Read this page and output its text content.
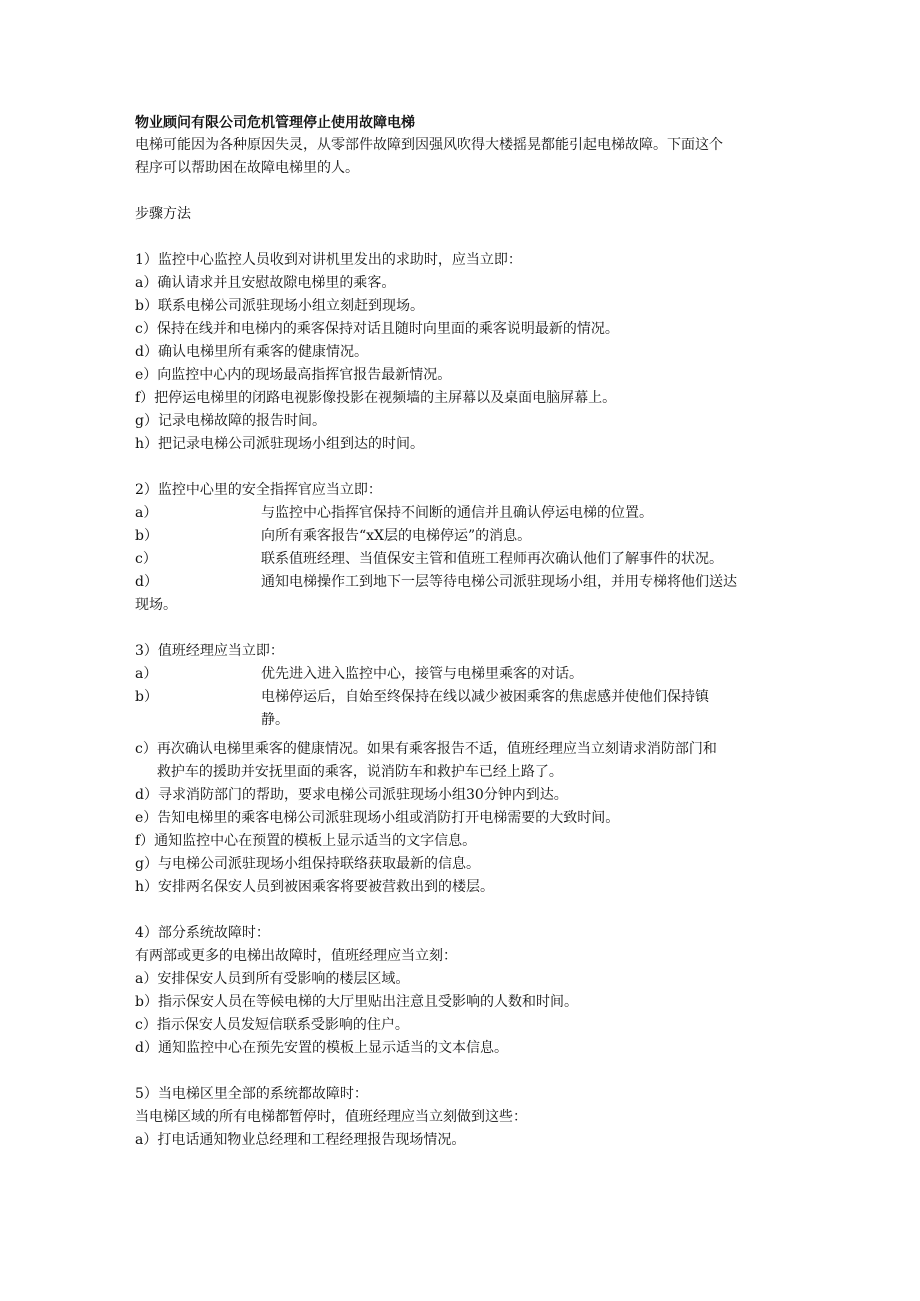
物业顾问有限公司危机管理停止使用故障电梯

电梯可能因为各种原因失灵，从零部件故障到因强风吹得大楼摇晃都能引起电梯故障。下面这个

程序可以帮助困在故障电梯里的人。

步骤方法

1）监控中心监控人员收到对讲机里发出的求助时，应当立即：

a）确认请求并且安慰故隙电梯里的乘客。

b）联系电梯公司派驻现场小组立刻赶到现场。

c）保持在线并和电梯内的乘客保持对话且随时向里面的乘客说明最新的情况。

d）确认电梯里所有乘客的健康情况。

e）向监控中心内的现场最高指挥官报告最新情况。

f）把停运电梯里的闭路电视影像投影在视频墙的主屏幕以及桌面电脑屏幕上。

g）记录电梯故障的报告时间。

h）把记录电梯公司派驻现场小组到达的时间。

2）监控中心里的安全指挥官应当立即：

a）	与监控中心指挥官保持不间断的通信并且确认停运电梯的位置。
b）	向所有乘客报告“xX层的电梯停运”的消息。
c）	联系值班经理、当值保安主管和值班工程师再次确认他们了解事件的状况。
d）	通知电梯操作工到地下一层等待电梯公司派驻现场小组，并用专梯将他们送达

现场。

3）值班经理应当立即：

a）	优先进入进入监控中心，接管与电梯里乘客的对话。
b）	电梯停运后，自始至终保持在线以减少被困乘客的焦虑感并使他们保持镇

静。

c） 再次确认电梯里乘客的健康情况。如果有乘客报告不适，值班经理应当立刻请求消防部门和
救护车的援助并安抚里面的乘客，说消防车和救护车已经上路了。

d）寻求消防部门的帮助，要求电梯公司派驻现场小组30分钟内到达。

e）告知电梯里的乘客电梯公司派驻现场小组或消防打开电梯需要的大致时间。

f）通知监控中心在预置的模板上显示适当的文字信息。

g）与电梯公司派驻现场小组保持联络获取最新的信息。

h）安排两名保安人员到被困乘客将要被营救出到的楼层。

4）部分系统故障时：

有两部或更多的电梯出故障时，值班经理应当立刻：

a）安排保安人员到所有受影响的楼层区域。

b）指示保安人员在等候电梯的大厅里贴出注意且受影响的人数和时间。

c）指示保安人员发短信联系受影响的住户。

d）通知监控中心在预先安置的模板上显示适当的文本信息。

5）当电梯区里全部的系统都故障时：

当电梯区域的所有电梯都暂停时，值班经理应当立刻做到这些：

a）打电话通知物业总经理和工程经理报告现场情况。
